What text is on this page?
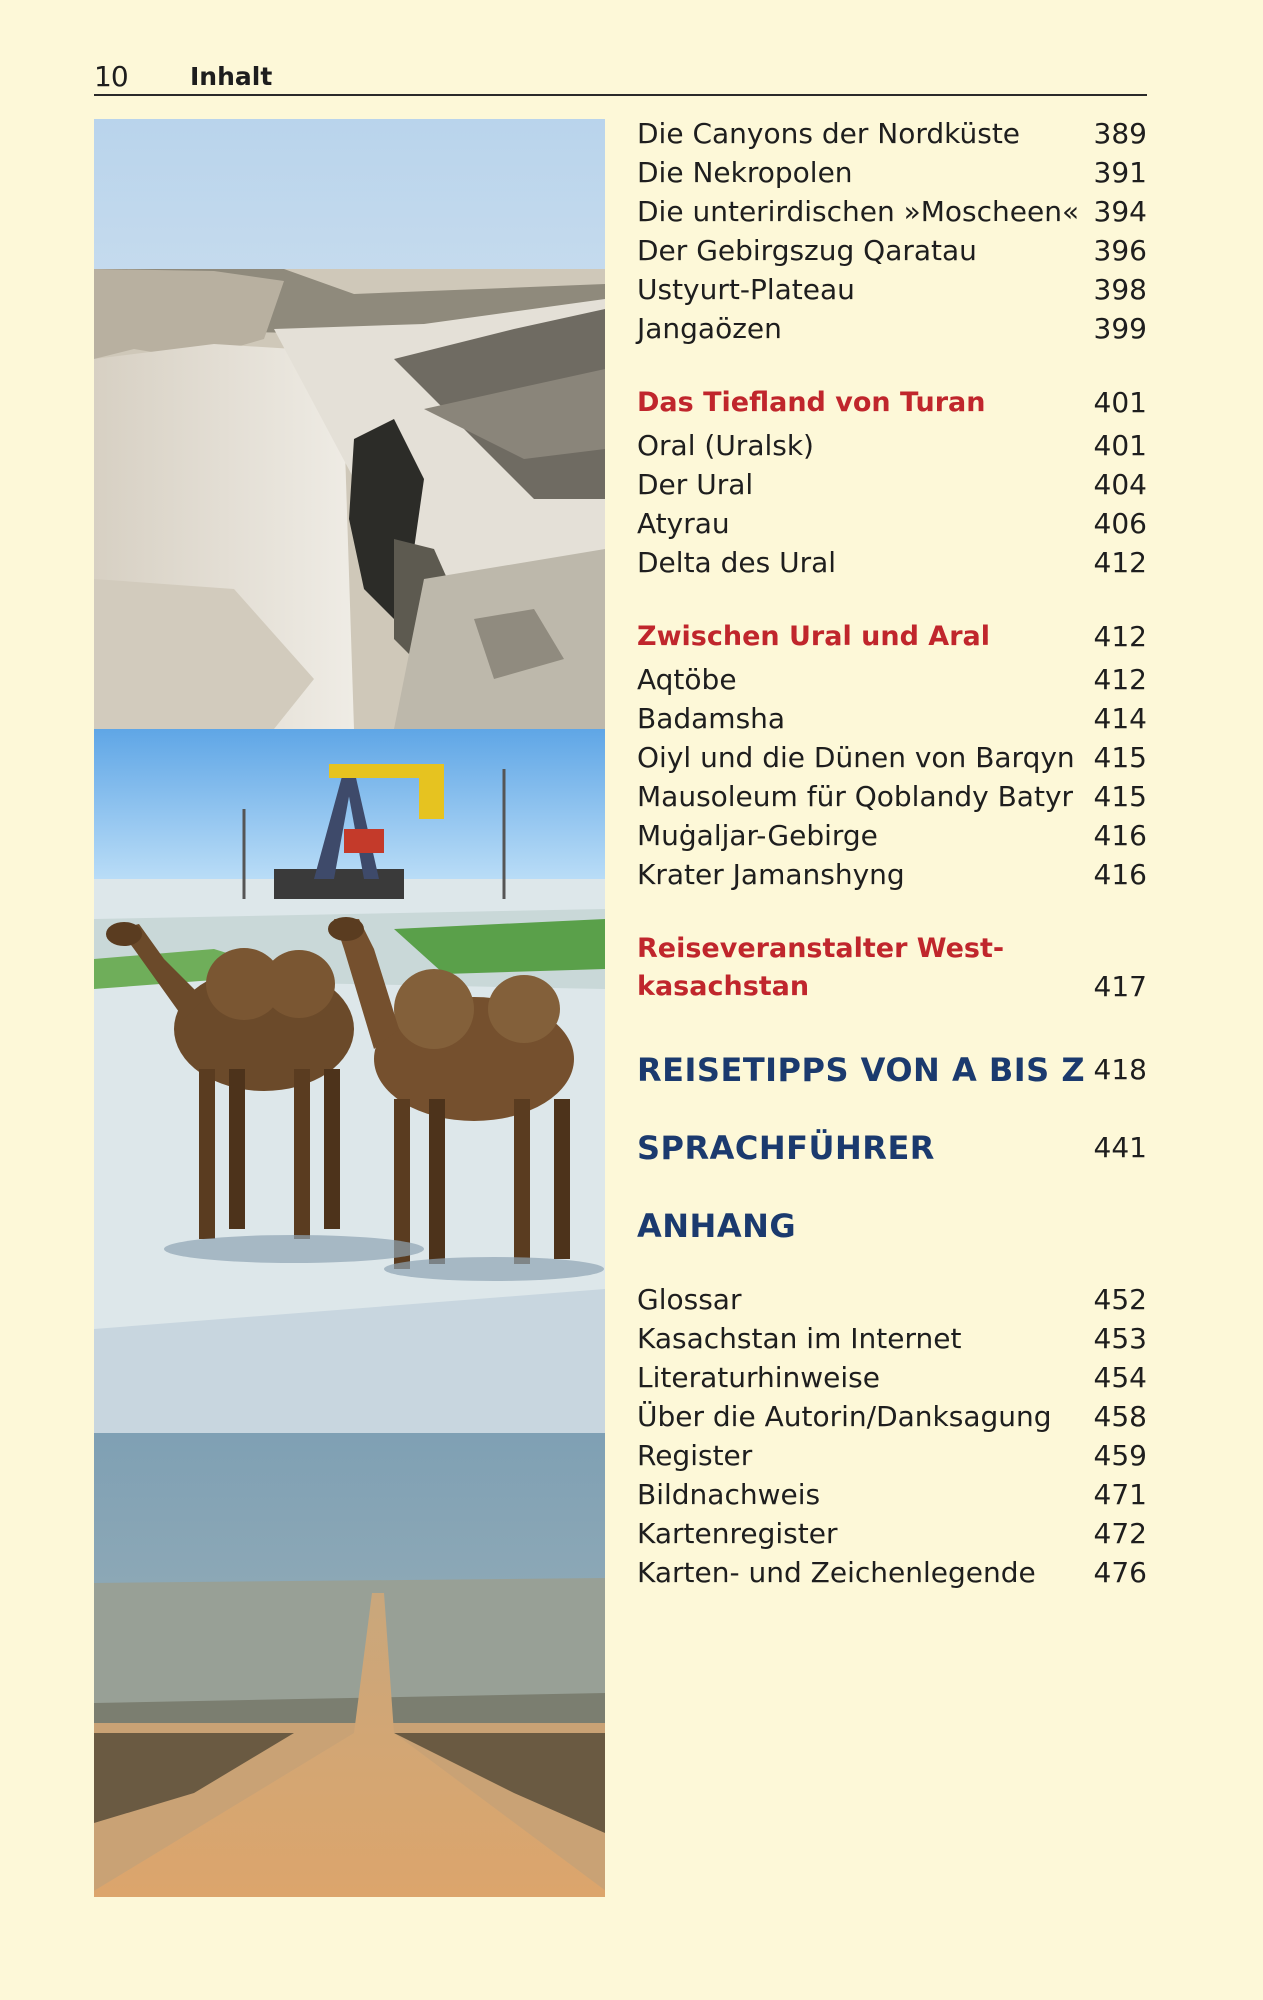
10 Inhalt
Die Canyons der Nordküste	389
Die Nekropolen	391
Die unterirdischen »Moscheen« 394
Der Gebirgszug Qaratau	396
Ustyurt-Plateau	398
Jangaözen	399
Das Tiefland von Turan	401
Oral (Uralsk)	401
Der Ural	404
Atyrau	406
Delta des Ural	412
Zwischen Ural und Aral	412
Aqtöbe	412
Badamsha	414
Oiyl und die Dünen von Barqyn 415
Mausoleum für Qoblandy Batyr 415
Muġaljar-Gebirge	416
Krater Jamanshyng	416
Reiseveranstalter West-kasachstan	417
REISETIPPS VON A BIS Z 418
SPRACHFÜHRER	441
ANHANG
Glossar	452
Kasachstan im Internet	453
Literaturhinweise	454
Über die Autorin/Danksagung 458
Register	459
Bildnachweis	471
Kartenregister	472
Karten- und Zeichenlegende 476
